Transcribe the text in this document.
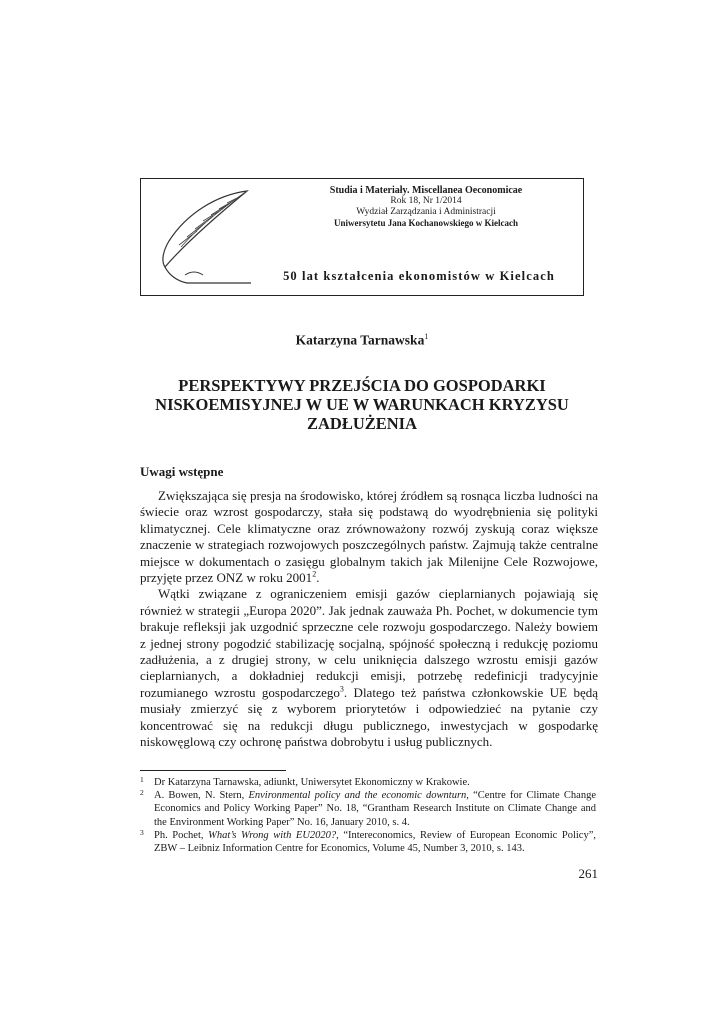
Studia i Materiały. Miscellanea Oeconomicae
Rok 18, Nr 1/2014
Wydział Zarządzania i Administracji
Uniwersytetu Jana Kochanowskiego w Kielcach
50 lat kształcenia ekonomistów w Kielcach
Katarzyna Tarnawska$^1$
PERSPEKTYWY PRZEJŚCIA DO GOSPODARKI
NISKOEMISYJNEJ W UE W WARUNKACH KRYZYSU
ZADŁUŻENIA
Uwagi wstępne

Zwiększająca się presja na środowisko, której źródłem są rosnąca liczba ludności na świecie oraz wzrost gospodarczy, stała się podstawą do wyodrębnienia się polityki klimatycznej. Cele klimatyczne oraz zrównoważony rozwój zyskują coraz większe znaczenie w strategiach rozwojowych poszczególnych państw. Zajmują także centralne miejsce w dokumentach o zasięgu globalnym takich jak Milenijne Cele Rozwojowe, przyjęte przez ONZ w roku 2001$^2$.

Wątki związane z ograniczeniem emisji gazów cieplarnianych pojawiają się również w strategii „Europa 2020”. Jak jednak zauważa Ph. Pochet, w dokumencie tym brakuje refleksji jak uzgodnić sprzeczne cele rozwoju gospodarczego. Należy bowiem z jednej strony pogodzić stabilizację socjalną, spójność społeczną i redukcję poziomu zadłużenia, a z drugiej strony, w celu uniknięcia dalszego wzrostu emisji gazów cieplarnianych, a dokładniej redukcji emisji, potrzebę redefinicji tradycyjnie rozumianego wzrostu gospodarczego$^3$. Dlatego też państwa członkowskie UE będą musiały zmierzyć się z wyborem priorytetów i odpowiedzieć na pytanie czy koncentrować się na redukcji długu publicznego, inwestycjach w gospodarkę niskowęglową czy ochronę państwa dobrobytu i usług publicznych.

1 Dr Katarzyna Tarnawska, adiunkt, Uniwersytet Ekonomiczny w Krakowie.
2 A. Bowen, N. Stern, Environmental policy and the economic downturn, “Centre for Climate Change Economics and Policy Working Paper” No. 18, “Grantham Research Institute on Climate Change and the Environment Working Paper” No. 16, January 2010, s. 4.
3 Ph. Pochet, What’s Wrong with EU2020?, “Intereconomics, Review of European Economic Policy”, ZBW – Leibniz Information Centre for Economics, Volume 45, Number 3, 2010, s. 143.
261
